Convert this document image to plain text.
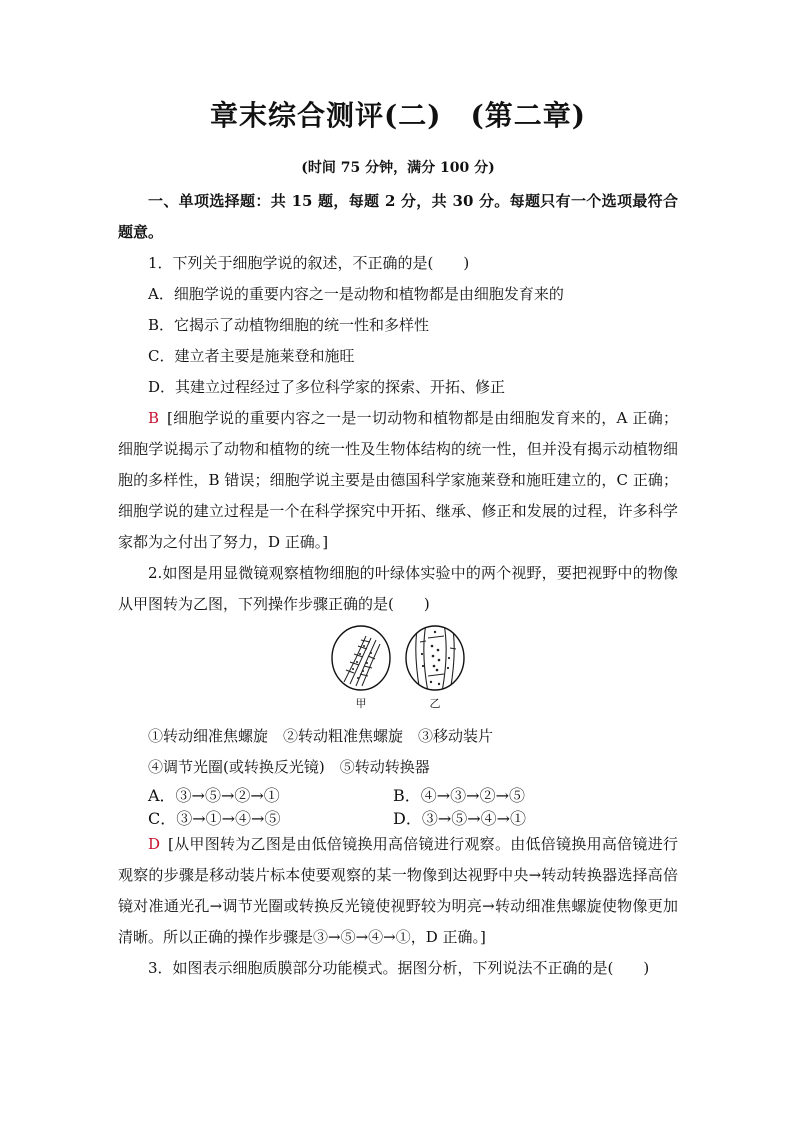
章末综合测评(二)　(第二章)
(时间 75 分钟，满分 100 分)
一、单项选择题：共 15 题，每题 2 分，共 30 分。每题只有一个选项最符合题意。

1．下列关于细胞学说的叙述，不正确的是(　　)

A．细胞学说的重要内容之一是动物和植物都是由细胞发育来的

B．它揭示了动植物细胞的统一性和多样性

C．建立者主要是施莱登和施旺

D．其建立过程经过了多位科学家的探索、开拓、修正

B [细胞学说的重要内容之一是一切动物和植物都是由细胞发育来的，A 正确；细胞学说揭示了动物和植物的统一性及生物体结构的统一性，但并没有揭示动植物细胞的多样性，B 错误；细胞学说主要是由德国科学家施莱登和施旺建立的，C 正确；细胞学说的建立过程是一个在科学探究中开拓、继承、修正和发展的过程，许多科学家都为之付出了努力，D 正确。]

2.如图是用显微镜观察植物细胞的叶绿体实验中的两个视野，要把视野中的物像从甲图转为乙图，下列操作步骤正确的是(　　)

甲	乙

①转动细准焦螺旋　②转动粗准焦螺旋　③移动装片

④调节光圈(或转换反光镜)　⑤转动转换器

A．③→⑤→②→①	B．④→③→②→⑤
C．③→①→④→⑤	D．③→⑤→④→①

D [从甲图转为乙图是由低倍镜换用高倍镜进行观察。由低倍镜换用高倍镜进行观察的步骤是移动装片标本使要观察的某一物像到达视野中央→转动转换器选择高倍镜对准通光孔→调节光圈或转换反光镜使视野较为明亮→转动细准焦螺旋使物像更加清晰。所以正确的操作步骤是③→⑤→④→①，D 正确。]

3．如图表示细胞质膜部分功能模式。据图分析，下列说法不正确的是(　　)
